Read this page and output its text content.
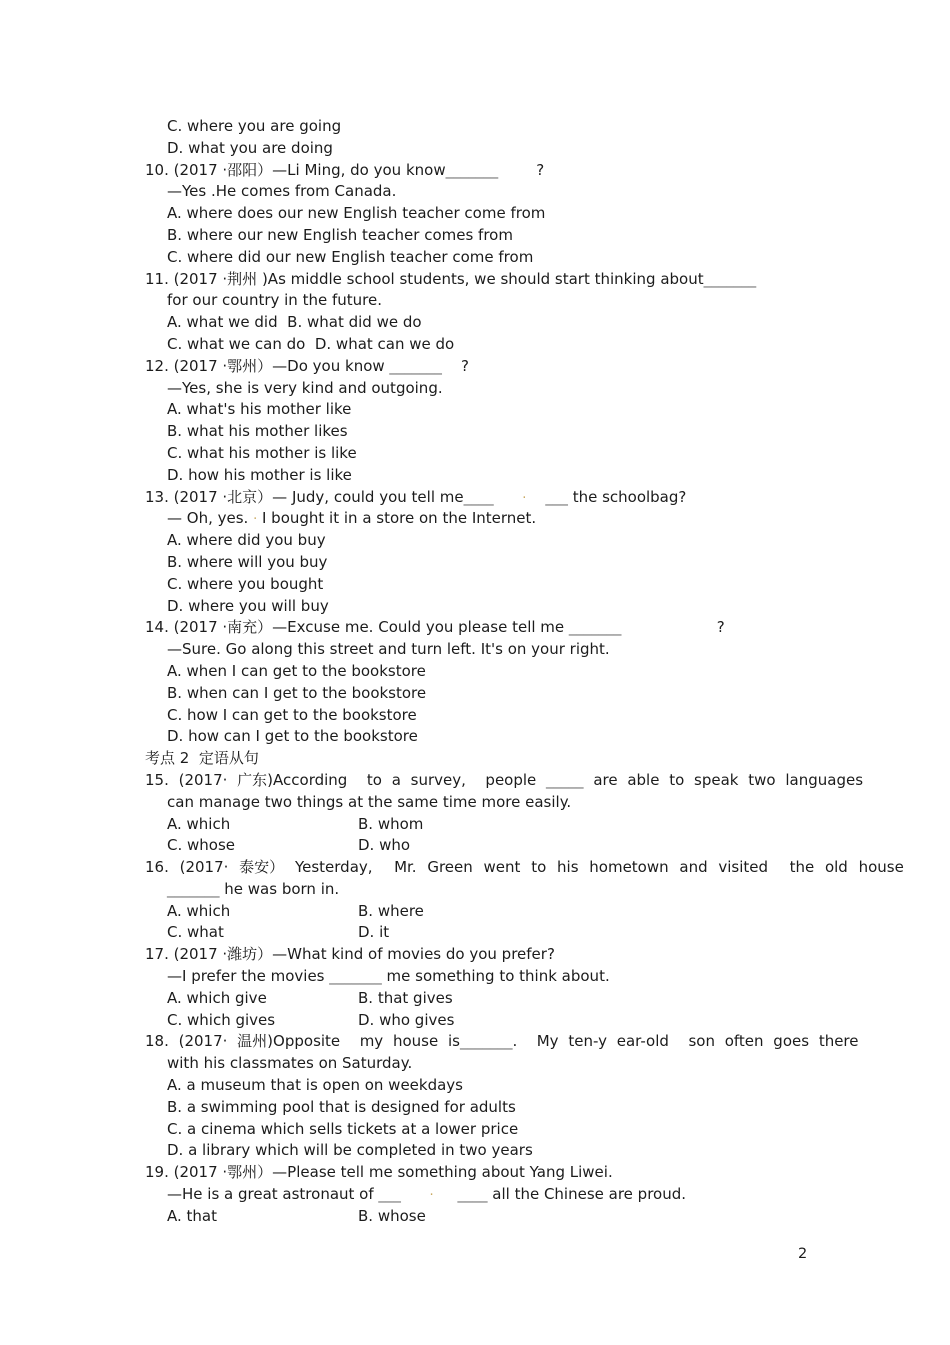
C. where you are going
D. what you are doing
10. (2017 ·邵阳）—Li Ming, do you know_______        ?
—Yes .He comes from Canada.
A. where does our new English teacher come from
B. where our new English teacher comes from
C. where did our new English teacher come from
11. (2017 ·荆州 )As middle school students, we should start thinking about_______
for our country in the future.
A. what we did  B. what did we do
C. what we can do  D. what can we do
12. (2017 ·鄂州）—Do you know _______    ?
—Yes, she is very kind and outgoing.
A. what's his mother like
B. what his mother likes
C. what his mother is like
D. how his mother is like
13. (2017 ·北京）— Judy, could you tell me____ · ___ the schoolbag?
— Oh, yes. · I bought it in a store on the Internet.
A. where did you buy
B. where will you buy
C. where you bought
D. where you will buy
14. (2017 ·南充）—Excuse me. Could you please tell me _______                    ?
—Sure. Go along this street and turn left. It's on your right.
A. when I can get to the bookstore
B. when can I get to the bookstore
C. how I can get to the bookstore
D. how can I get to the bookstore
考点 2  定语从句
15. (2017· 广东)According  to a survey,  people _____ are able to speak two languages
can manage two things at the same time more easily.
A. which	B. whom
C. whose	D. who
16. (2017· 泰安） Yesterday,  Mr. Green went to his hometown and visited  the old house
_______ he was born in.
A. which	B. where
C. what	D. it
17. (2017 ·潍坊）—What kind of movies do you prefer?
—I prefer the movies _______ me something to think about.
A. which give	B. that gives
C. which gives	D. who gives
18. (2017· 温州)Opposite  my house is_______.  My ten-y ear-old  son often goes there
with his classmates on Saturday.
A. a museum that is open on weekdays
B. a swimming pool that is designed for adults
C. a cinema which sells tickets at a lower price
D. a library which will be completed in two years
19. (2017 ·鄂州）—Please tell me something about Yang Liwei.
—He is a great astronaut of ___ · ____ all the Chinese are proud.
A. that	B. whose
2
